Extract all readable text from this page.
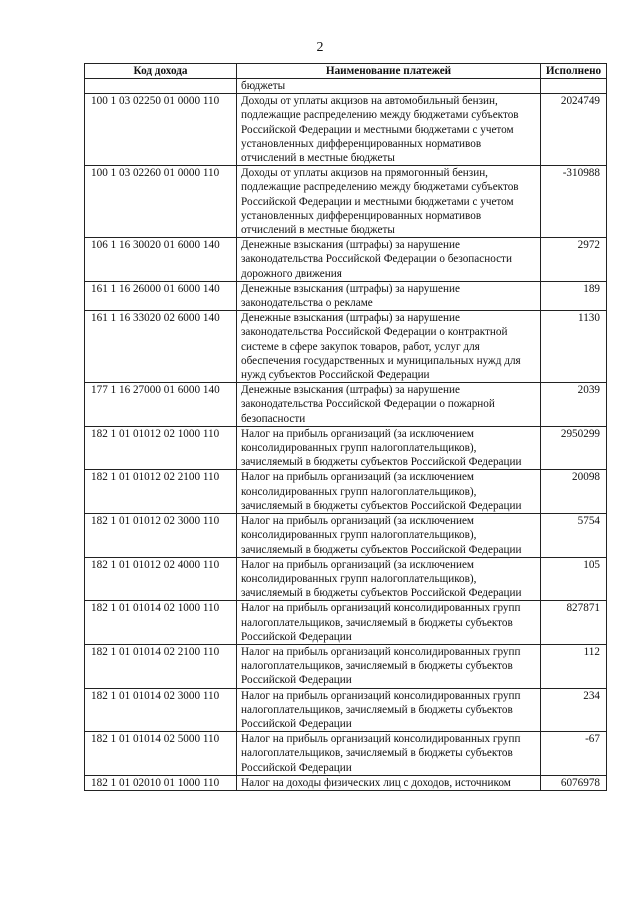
2
Код дохода	Наименование платежей	Исполнено
	бюджеты	
100 1 03 02250 01 0000 110	Доходы от уплаты акцизов на автомобильный бензин, подлежащие распределению между бюджетами субъектов Российской Федерации и местными бюджетами с учетом установленных дифференцированных нормативов отчислений в местные бюджеты	2024749
100 1 03 02260 01 0000 110	Доходы от уплаты акцизов на прямогонный бензин, подлежащие распределению между бюджетами субъектов Российской Федерации и местными бюджетами с учетом установленных дифференцированных нормативов отчислений в местные бюджеты	-310988
106 1 16 30020 01 6000 140	Денежные взыскания (штрафы) за нарушение законодательства Российской Федерации о безопасности дорожного движения	2972
161 1 16 26000 01 6000 140	Денежные взыскания (штрафы) за нарушение законодательства о рекламе	189
161 1 16 33020 02 6000 140	Денежные взыскания (штрафы) за нарушение законодательства Российской Федерации о контрактной системе в сфере закупок товаров, работ, услуг для обеспечения государственных и муниципальных нужд для нужд субъектов Российской Федерации	1130
177 1 16 27000 01 6000 140	Денежные взыскания (штрафы) за нарушение законодательства Российской Федерации о пожарной безопасности	2039
182 1 01 01012 02 1000 110	Налог на прибыль организаций (за исключением консолидированных групп налогоплательщиков), зачисляемый в бюджеты субъектов Российской Федерации	2950299
182 1 01 01012 02 2100 110	Налог на прибыль организаций (за исключением консолидированных групп налогоплательщиков), зачисляемый в бюджеты субъектов Российской Федерации	20098
182 1 01 01012 02 3000 110	Налог на прибыль организаций (за исключением консолидированных групп налогоплательщиков), зачисляемый в бюджеты субъектов Российской Федерации	5754
182 1 01 01012 02 4000 110	Налог на прибыль организаций (за исключением консолидированных групп налогоплательщиков), зачисляемый в бюджеты субъектов Российской Федерации	105
182 1 01 01014 02 1000 110	Налог на прибыль организаций консолидированных групп налогоплательщиков, зачисляемый в бюджеты субъектов Российской Федерации	827871
182 1 01 01014 02 2100 110	Налог на прибыль организаций консолидированных групп налогоплательщиков, зачисляемый в бюджеты субъектов Российской Федерации	112
182 1 01 01014 02 3000 110	Налог на прибыль организаций консолидированных групп налогоплательщиков, зачисляемый в бюджеты субъектов Российской Федерации	234
182 1 01 01014 02 5000 110	Налог на прибыль организаций консолидированных групп налогоплательщиков, зачисляемый в бюджеты субъектов Российской Федерации	-67
182 1 01 02010 01 1000 110	Налог на доходы физических лиц с доходов, источником	6076978
